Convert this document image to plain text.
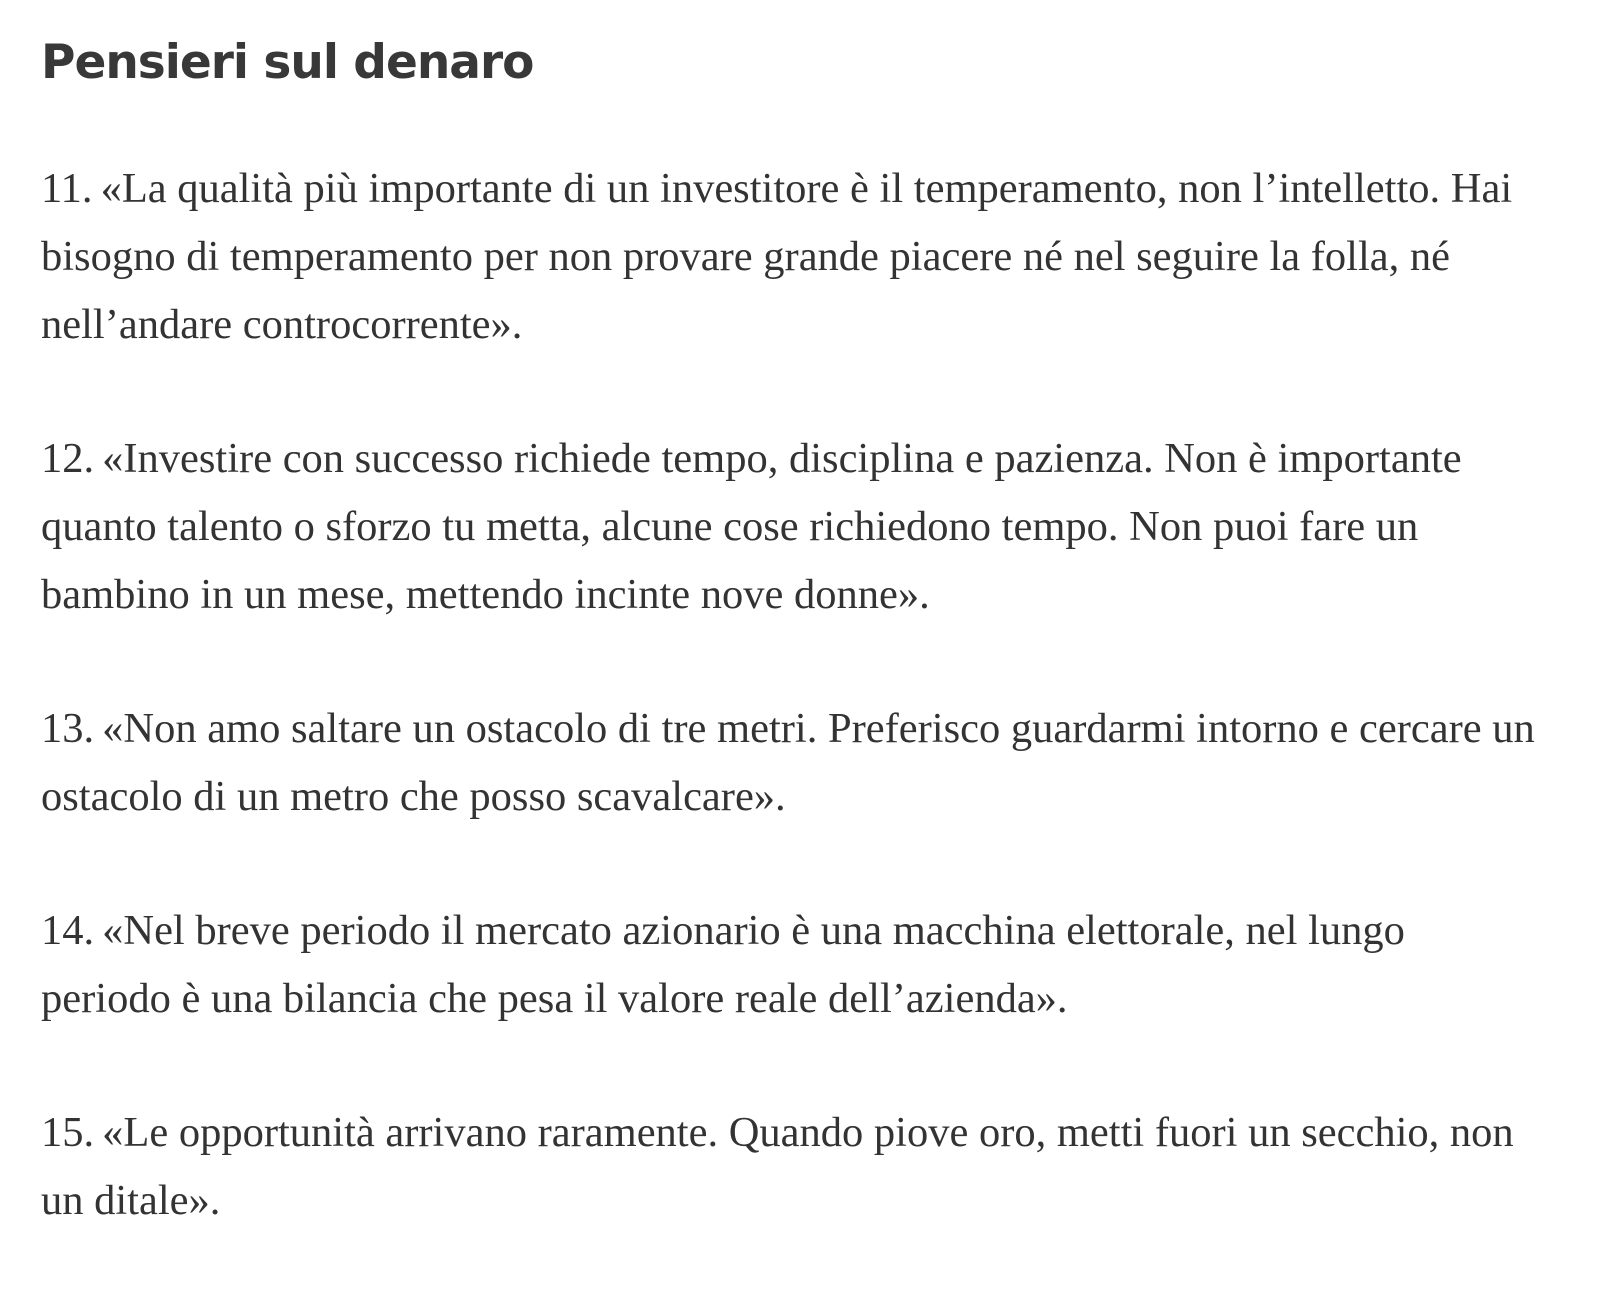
Pensieri sul denaro
11. «La qualità più importante di un investitore è il temperamento, non l’intelletto. Hai bisogno di temperamento per non provare grande piacere né nel seguire la folla, né nell’andare controcorrente».
12. «Investire con successo richiede tempo, disciplina e pazienza. Non è importante quanto talento o sforzo tu metta, alcune cose richiedono tempo. Non puoi fare un bambino in un mese, mettendo incinte nove donne».
13. «Non amo saltare un ostacolo di tre metri. Preferisco guardarmi intorno e cercare un ostacolo di un metro che posso scavalcare».
14. «Nel breve periodo il mercato azionario è una macchina elettorale, nel lungo periodo è una bilancia che pesa il valore reale dell’azienda».
15. «Le opportunità arrivano raramente. Quando piove oro, metti fuori un secchio, non un ditale».
